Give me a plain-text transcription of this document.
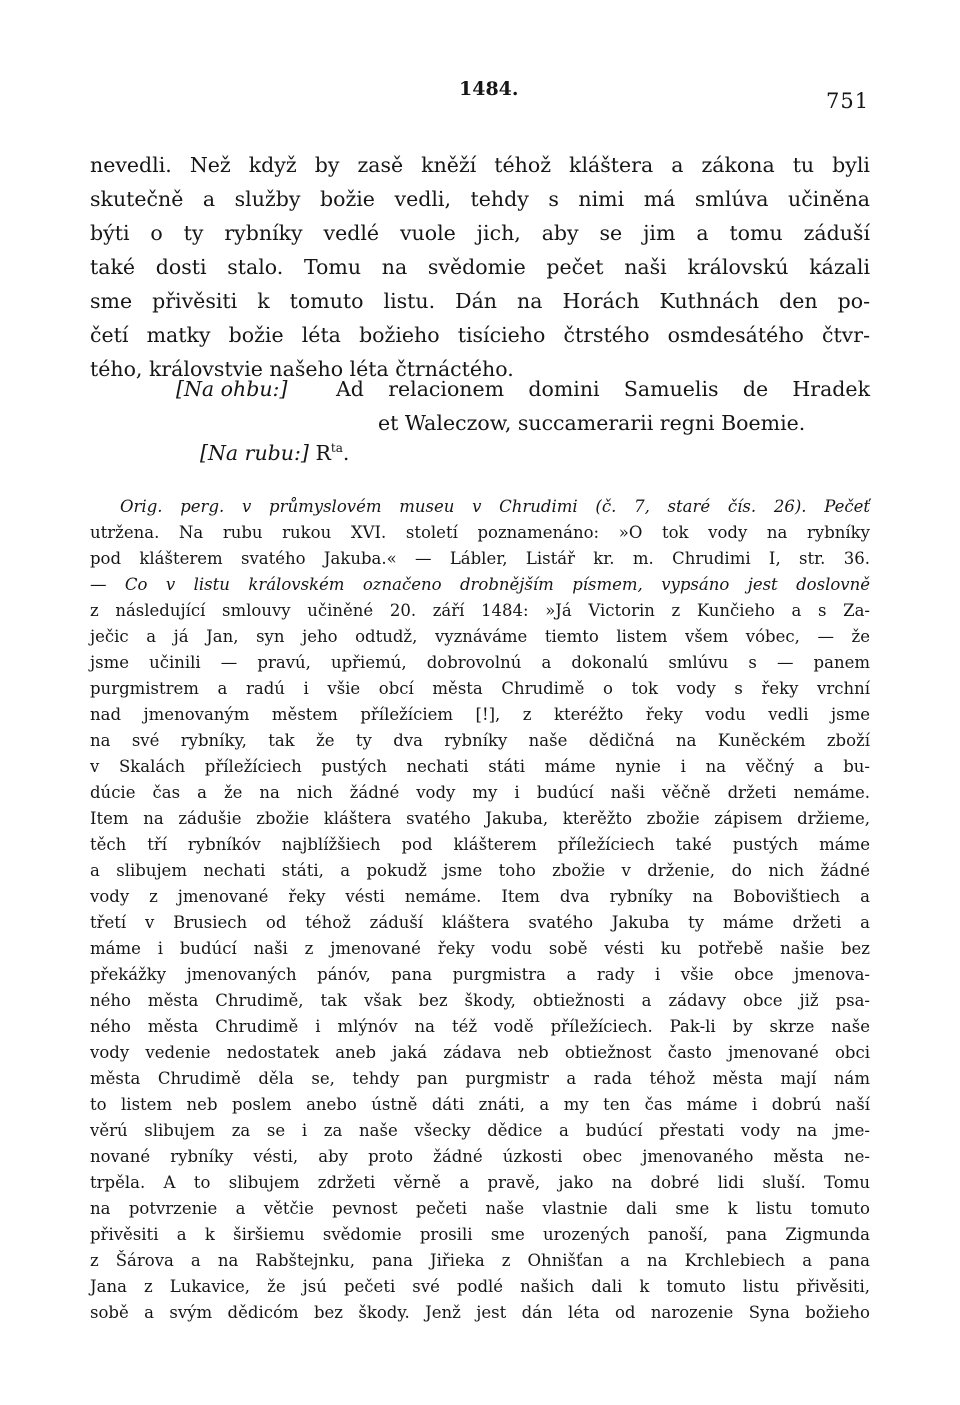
1484.	751
nevedli. Než když by zasě kněží téhož kláštera a zákona tu byli
skutečně a služby božie vedli, tehdy s nimi má smlúva učiněna
býti o ty rybníky vedlé vuole jich, aby se jim a tomu záduší
také dosti stalo. Tomu na svědomie pečet naši královskú kázali
sme přivěsiti k tomuto listu. Dán na Horách Kuthnách den po-
četí matky božie léta božieho tisícieho čtrstého osmdesátého čtvr-
tého, královstvie našeho léta čtrnáctého.
[Na ohbu:] Ad relacionem domini Samuelis de Hradek
et Waleczow, succamerarii regni Boemie.
[Na rubu:] $R^{ta}$.
Orig. perg. v průmyslovém museu v Chrudimi (č. 7, staré čís. 26). Pečeť
utržena. Na rubu rukou XVI. století poznamenáno: »O tok vody na rybníky
pod klášterem svatého Jakuba.« — Lábler, Listář kr. m. Chrudimi I, str. 36.
— Co v listu královském označeno drobnějším písmem, vypsáno jest doslovně
z následující smlouvy učiněné 20. září 1484: »Já Victorin z Kunčieho a s Za-
ječic a já Jan, syn jeho odtudž, vyznáváme tiemto listem všem vóbec, — že
jsme učinili — pravú, upřiemú, dobrovolnú a dokonalú smlúvu s — panem
purgmistrem a radú i všie obcí města Chrudimě o tok vody s řeky vrchní
nad jmenovaným městem příležíciem [!], z kteréžto řeky vodu vedli jsme
na své rybníky, tak že ty dva rybníky naše dědičná na Kuněckém zboží
v Skalách příležíciech pustých nechati státi máme nynie i na věčný a bu-
dúcie čas a že na nich žádné vody my i budúcí naši věčně držeti nemáme.
Item na zádušie zbožie kláštera svatého Jakuba, kterěžto zbožie zápisem držieme,
těch tří rybníkóv najblížšiech pod klášterem příležíciech také pustých máme
a slibujem nechati státi, a pokudž jsme toho zbožie v drženie, do nich žádné
vody z jmenované řeky vésti nemáme. Item dva rybníky na Bobovištiech a
třetí v Brusiech od téhož záduší kláštera svatého Jakuba ty máme držeti a
máme i budúcí naši z jmenované řeky vodu sobě vésti ku potřebě našie bez
překážky jmenovaných pánóv, pana purgmistra a rady i všie obce jmenova-
ného města Chrudimě, tak však bez škody, obtiežnosti a zádavy obce již psa-
ného města Chrudimě i mlýnóv na též vodě příležíciech. Pak-li by skrze naše
vody vedenie nedostatek aneb jaká zádava neb obtiežnost často jmenované obci
města Chrudimě děla se, tehdy pan purgmistr a rada téhož města mají nám
to listem neb poslem anebo ústně dáti znáti, a my ten čas máme i dobrú naší
věrú slibujem za se i za naše všecky dědice a budúcí přestati vody na jme-
nované rybníky vésti, aby proto žádné úzkosti obec jmenovaného města ne-
trpěla. A to slibujem zdržeti věrně a pravě, jako na dobré lidi sluší. Tomu
na potvrzenie a větčie pevnost pečeti naše vlastnie dali sme k listu tomuto
přivěsiti a k širšiemu svědomie prosili sme urozených panoší, pana Zigmunda
z Šárova a na Rabštejnku, pana Jiřieka z Ohnišťan a na Krchlebiech a pana
Jana z Lukavice, že jsú pečeti své podlé našich dali k tomuto listu přivěsiti,
sobě a svým dědicóm bez škody. Jenž jest dán léta od narozenie Syna božieho
